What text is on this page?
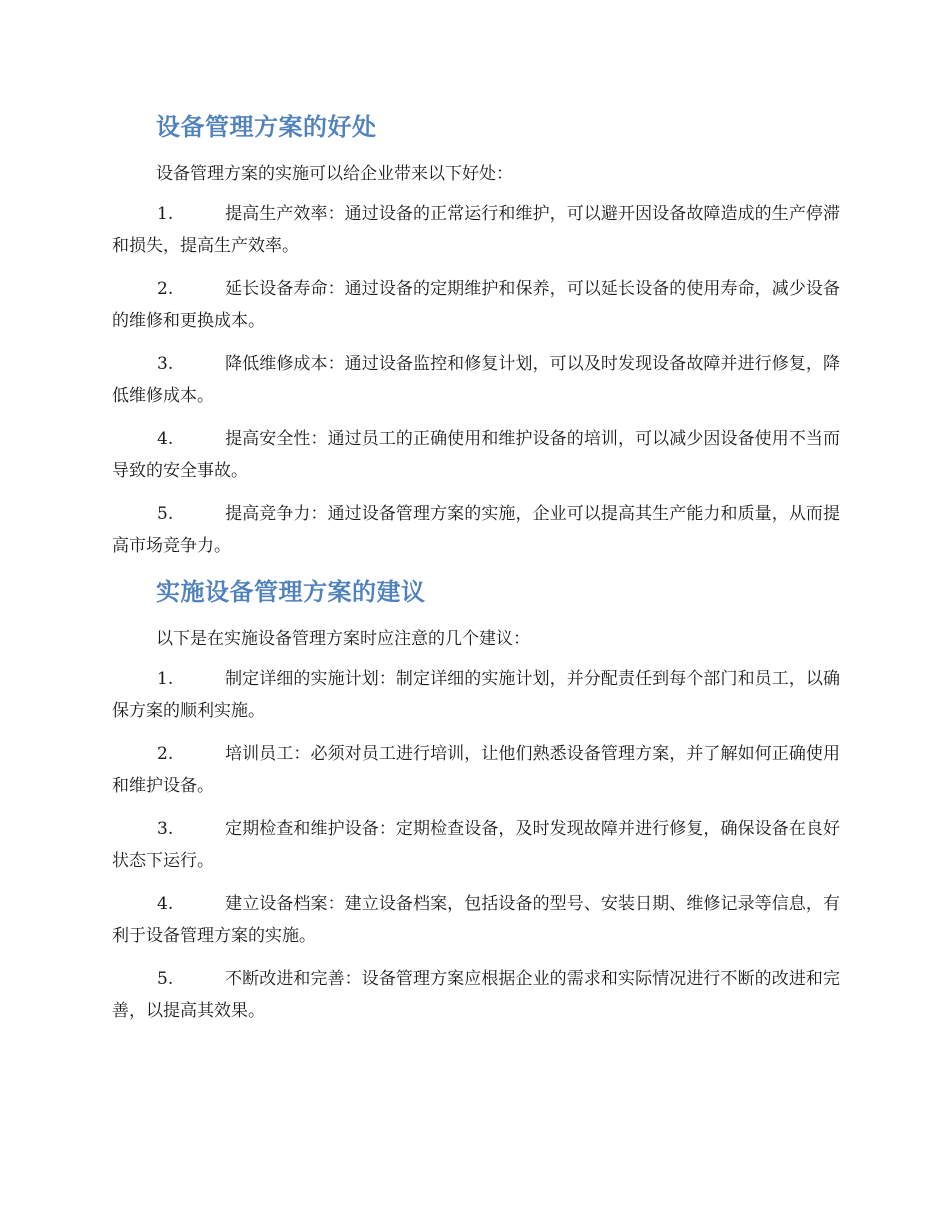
设备管理方案的好处

设备管理方案的实施可以给企业带来以下好处：

1.	提高生产效率：通过设备的正常运行和维护，可以避开因设备故障造成的生产停滞和损失，提高生产效率。

2.	延长设备寿命：通过设备的定期维护和保养，可以延长设备的使用寿命，减少设备的维修和更换成本。

3.	降低维修成本：通过设备监控和修复计划，可以及时发现设备故障并进行修复，降低维修成本。

4.	提高安全性：通过员工的正确使用和维护设备的培训，可以减少因设备使用不当而导致的安全事故。

5.	提高竞争力：通过设备管理方案的实施，企业可以提高其生产能力和质量，从而提高市场竞争力。

实施设备管理方案的建议

以下是在实施设备管理方案时应注意的几个建议：

1.	制定详细的实施计划：制定详细的实施计划，并分配责任到每个部门和员工，以确保方案的顺利实施。

2.	培训员工：必须对员工进行培训，让他们熟悉设备管理方案，并了解如何正确使用和维护设备。

3.	定期检查和维护设备：定期检查设备，及时发现故障并进行修复，确保设备在良好状态下运行。

4.	建立设备档案：建立设备档案，包括设备的型号、安装日期、维修记录等信息，有利于设备管理方案的实施。

5.	不断改进和完善：设备管理方案应根据企业的需求和实际情况进行不断的改进和完善，以提高其效果。
